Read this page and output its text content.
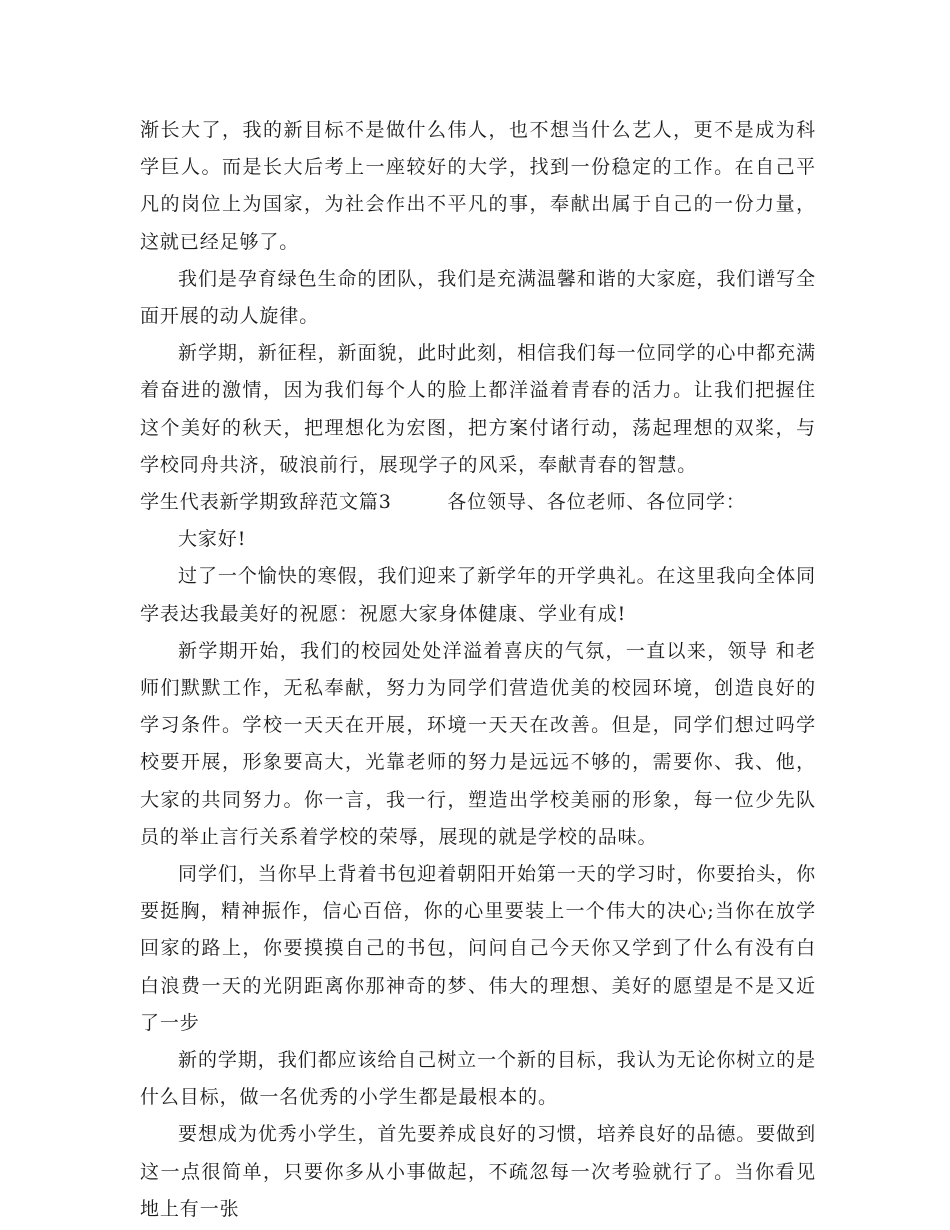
渐长大了，我的新目标不是做什么伟人，也不想当什么艺人，更不是成为科学巨人。而是长大后考上一座较好的大学，找到一份稳定的工作。在自己平凡的岗位上为国家，为社会作出不平凡的事，奉献出属于自己的一份力量，这就已经足够了。

我们是孕育绿色生命的团队，我们是充满温馨和谐的大家庭，我们谱写全面开展的动人旋律。

新学期，新征程，新面貌，此时此刻，相信我们每一位同学的心中都充满着奋进的激情，因为我们每个人的脸上都洋溢着青春的活力。让我们把握住这个美好的秋天，把理想化为宏图，把方案付诸行动，荡起理想的双桨，与学校同舟共济，破浪前行，展现学子的风采，奉献青春的智慧。

学生代表新学期致辞范文篇3        各位领导、各位老师、各位同学：

大家好!

过了一个愉快的寒假，我们迎来了新学年的开学典礼。在这里我向全体同学表达我最美好的祝愿：祝愿大家身体健康、学业有成!

新学期开始，我们的校园处处洋溢着喜庆的气氛，一直以来，领导 和老师们默默工作，无私奉献，努力为同学们营造优美的校园环境，创造良好的学习条件。学校一天天在开展，环境一天天在改善。但是，同学们想过吗学校要开展，形象要高大，光靠老师的努力是远远不够的，需要你、我、他，大家的共同努力。你一言，我一行，塑造出学校美丽的形象，每一位少先队员的举止言行关系着学校的荣辱，展现的就是学校的品味。

同学们，当你早上背着书包迎着朝阳开始第一天的学习时，你要抬头，你要挺胸，精神振作，信心百倍，你的心里要装上一个伟大的决心;当你在放学回家的路上，你要摸摸自己的书包，问问自己今天你又学到了什么有没有白白浪费一天的光阴距离你那神奇的梦、伟大的理想、美好的愿望是不是又近了一步

新的学期，我们都应该给自己树立一个新的目标，我认为无论你树立的是什么目标，做一名优秀的小学生都是最根本的。

要想成为优秀小学生，首先要养成良好的习惯，培养良好的品德。要做到这一点很简单，只要你多从小事做起，不疏忽每一次考验就行了。当你看见地上有一张
